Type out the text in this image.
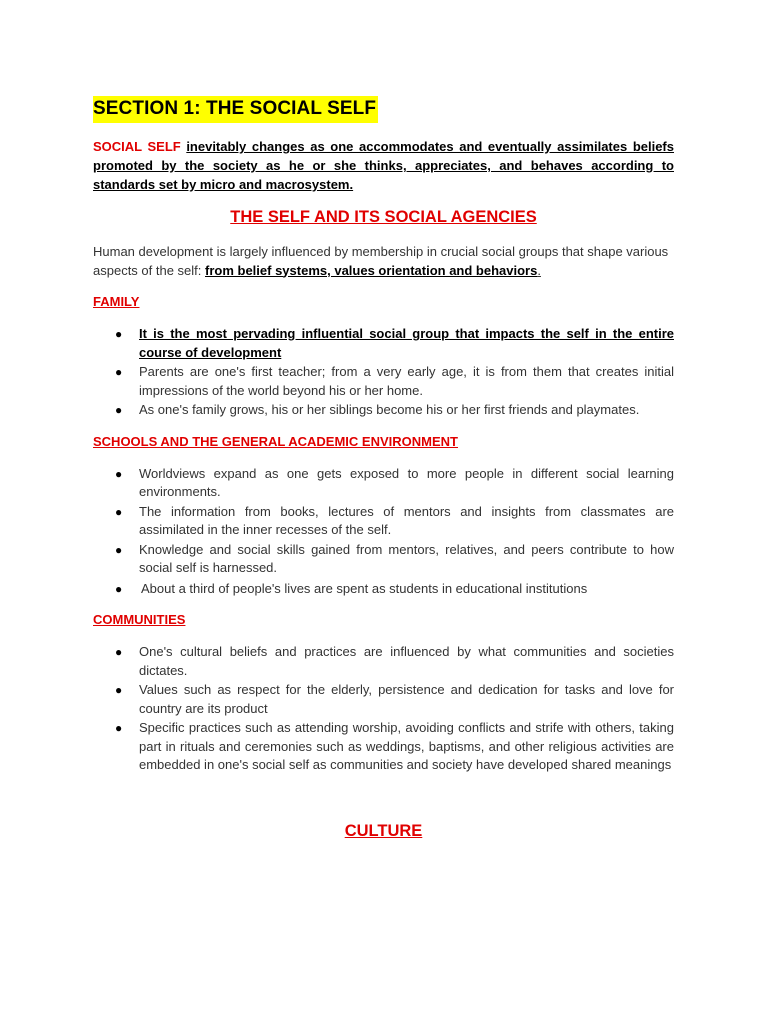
SECTION 1: THE SOCIAL SELF

SOCIAL SELF inevitably changes as one accommodates and eventually assimilates beliefs promoted by the society as he or she thinks, appreciates, and behaves according to standards set by micro and macrosystem.

THE SELF AND ITS SOCIAL AGENCIES

Human development is largely influenced by membership in crucial social groups that shape various aspects of the self: from belief systems, values orientation and behaviors.

FAMILY
● It is the most pervading influential social group that impacts the self in the entire course of development
● Parents are one's first teacher; from a very early age, it is from them that creates initial impressions of the world beyond his or her home.
● As one's family grows, his or her siblings become his or her first friends and playmates.
SCHOOLS AND THE GENERAL ACADEMIC ENVIRONMENT
● Worldviews expand as one gets exposed to more people in different social learning environments.
● The information from books, lectures of mentors and insights from classmates are assimilated in the inner recesses of the self.
● Knowledge and social skills gained from mentors, relatives, and peers contribute to how social self is harnessed.
● About a third of people's lives are spent as students in educational institutions
COMMUNITIES
● One's cultural beliefs and practices are influenced by what communities and societies dictates.
● Values such as respect for the elderly, persistence and dedication for tasks and love for country are its product
● Specific practices such as attending worship, avoiding conflicts and strife with others, taking part in rituals and ceremonies such as weddings, baptisms, and other religious activities are embedded in one's social self as communities and society have developed shared meanings
CULTURE
